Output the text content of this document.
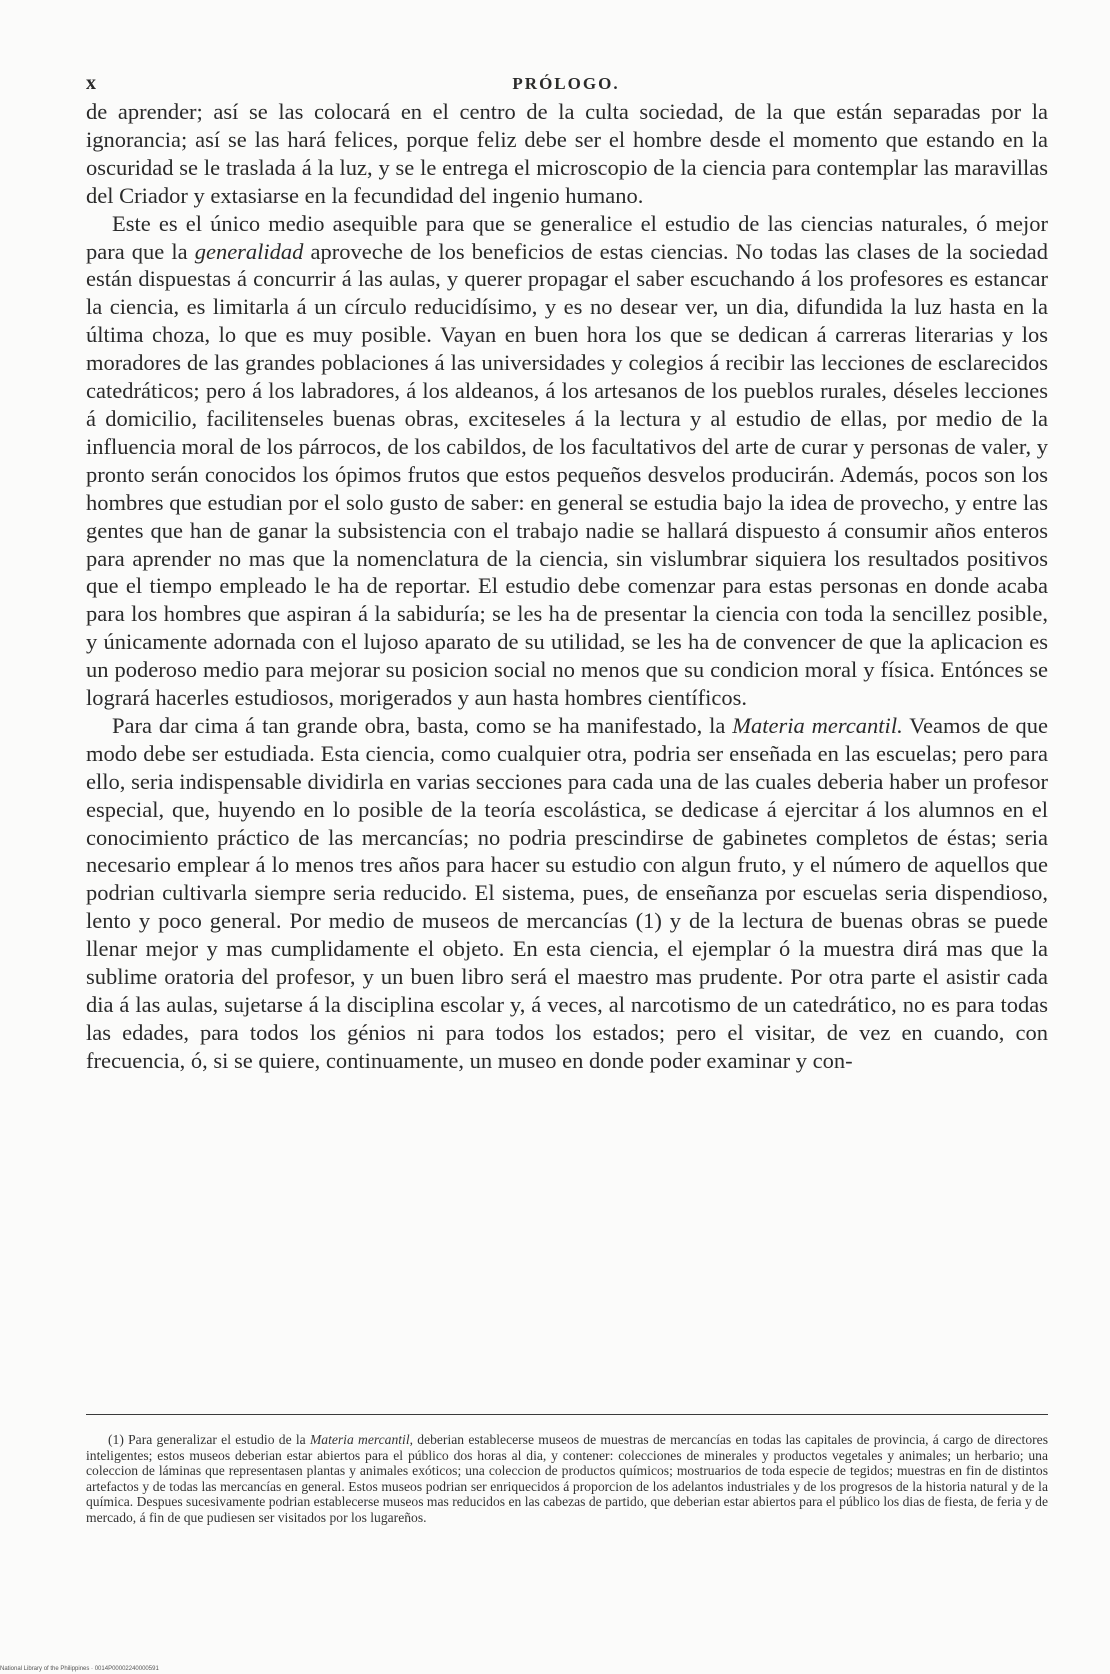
x	PRÓLOGO.

de aprender; así se las colocará en el centro de la culta sociedad, de la que están separadas por la ignorancia; así se las hará felices, porque feliz debe ser el hombre desde el momento que estando en la oscuridad se le traslada á la luz, y se le entrega el microscopio de la ciencia para contemplar las maravillas del Criador y extasiarse en la fecundidad del ingenio humano.

Este es el único medio asequible para que se generalice el estudio de las ciencias naturales, ó mejor para que la generalidad aproveche de los beneficios de estas ciencias. No todas las clases de la sociedad están dispuestas á concurrir á las aulas, y querer propagar el saber escuchando á los profesores es estancar la ciencia, es limitarla á un círculo reducidísimo, y es no desear ver, un dia, difundida la luz hasta en la última choza, lo que es muy posible. Vayan en buen hora los que se dedican á carreras literarias y los moradores de las grandes poblaciones á las universidades y colegios á recibir las lecciones de esclarecidos catedráticos; pero á los labradores, á los aldeanos, á los artesanos de los pueblos rurales, déseles lecciones á domicilio, facilitenseles buenas obras, exciteseles á la lectura y al estudio de ellas, por medio de la influencia moral de los párrocos, de los cabildos, de los facultativos del arte de curar y personas de valer, y pronto serán conocidos los ópimos frutos que estos pequeños desvelos producirán. Además, pocos son los hombres que estudian por el solo gusto de saber: en general se estudia bajo la idea de provecho, y entre las gentes que han de ganar la subsistencia con el trabajo nadie se hallará dispuesto á consumir años enteros para aprender no mas que la nomenclatura de la ciencia, sin vislumbrar siquiera los resultados positivos que el tiempo empleado le ha de reportar. El estudio debe comenzar para estas personas en donde acaba para los hombres que aspiran á la sabiduría; se les ha de presentar la ciencia con toda la sencillez posible, y únicamente adornada con el lujoso aparato de su utilidad, se les ha de convencer de que la aplicacion es un poderoso medio para mejorar su posicion social no menos que su condicion moral y física. Entónces se logrará hacerles estudiosos, morigerados y aun hasta hombres científicos.

Para dar cima á tan grande obra, basta, como se ha manifestado, la Materia mercantil. Veamos de que modo debe ser estudiada. Esta ciencia, como cualquier otra, podria ser enseñada en las escuelas; pero para ello, seria indispensable dividirla en varias secciones para cada una de las cuales deberia haber un profesor especial, que, huyendo en lo posible de la teoría escolástica, se dedicase á ejercitar á los alumnos en el conocimiento práctico de las mercancías; no podria prescindirse de gabinetes completos de éstas; seria necesario emplear á lo menos tres años para hacer su estudio con algun fruto, y el número de aquellos que podrian cultivarla siempre seria reducido. El sistema, pues, de enseñanza por escuelas seria dispendioso, lento y poco general. Por medio de museos de mercancías (1) y de la lectura de buenas obras se puede llenar mejor y mas cumplidamente el objeto. En esta ciencia, el ejemplar ó la muestra dirá mas que la sublime oratoria del profesor, y un buen libro será el maestro mas prudente. Por otra parte el asistir cada dia á las aulas, sujetarse á la disciplina escolar y, á veces, al narcotismo de un catedrático, no es para todas las edades, para todos los génios ni para todos los estados; pero el visitar, de vez en cuando, con frecuencia, ó, si se quiere, continuamente, un museo en donde poder examinar y con-

(1) Para generalizar el estudio de la Materia mercantil, deberian establecerse museos de muestras de mercancías en todas las capitales de provincia, á cargo de directores inteligentes; estos museos deberian estar abiertos para el público dos horas al dia, y contener: colecciones de minerales y productos vegetales y animales; un herbario; una coleccion de láminas que representasen plantas y animales exóticos; una coleccion de productos químicos; mostruarios de toda especie de tegidos; muestras en fin de distintos artefactos y de todas las mercancías en general. Estos museos podrian ser enriquecidos á proporcion de los adelantos industriales y de los progresos de la historia natural y de la química. Despues sucesivamente podrian establecerse museos mas reducidos en las cabezas de partido, que deberian estar abiertos para el público los dias de fiesta, de feria y de mercado, á fin de que pudiesen ser visitados por los lugareños.
National Library of the Philippines · 0014P00002240000591
